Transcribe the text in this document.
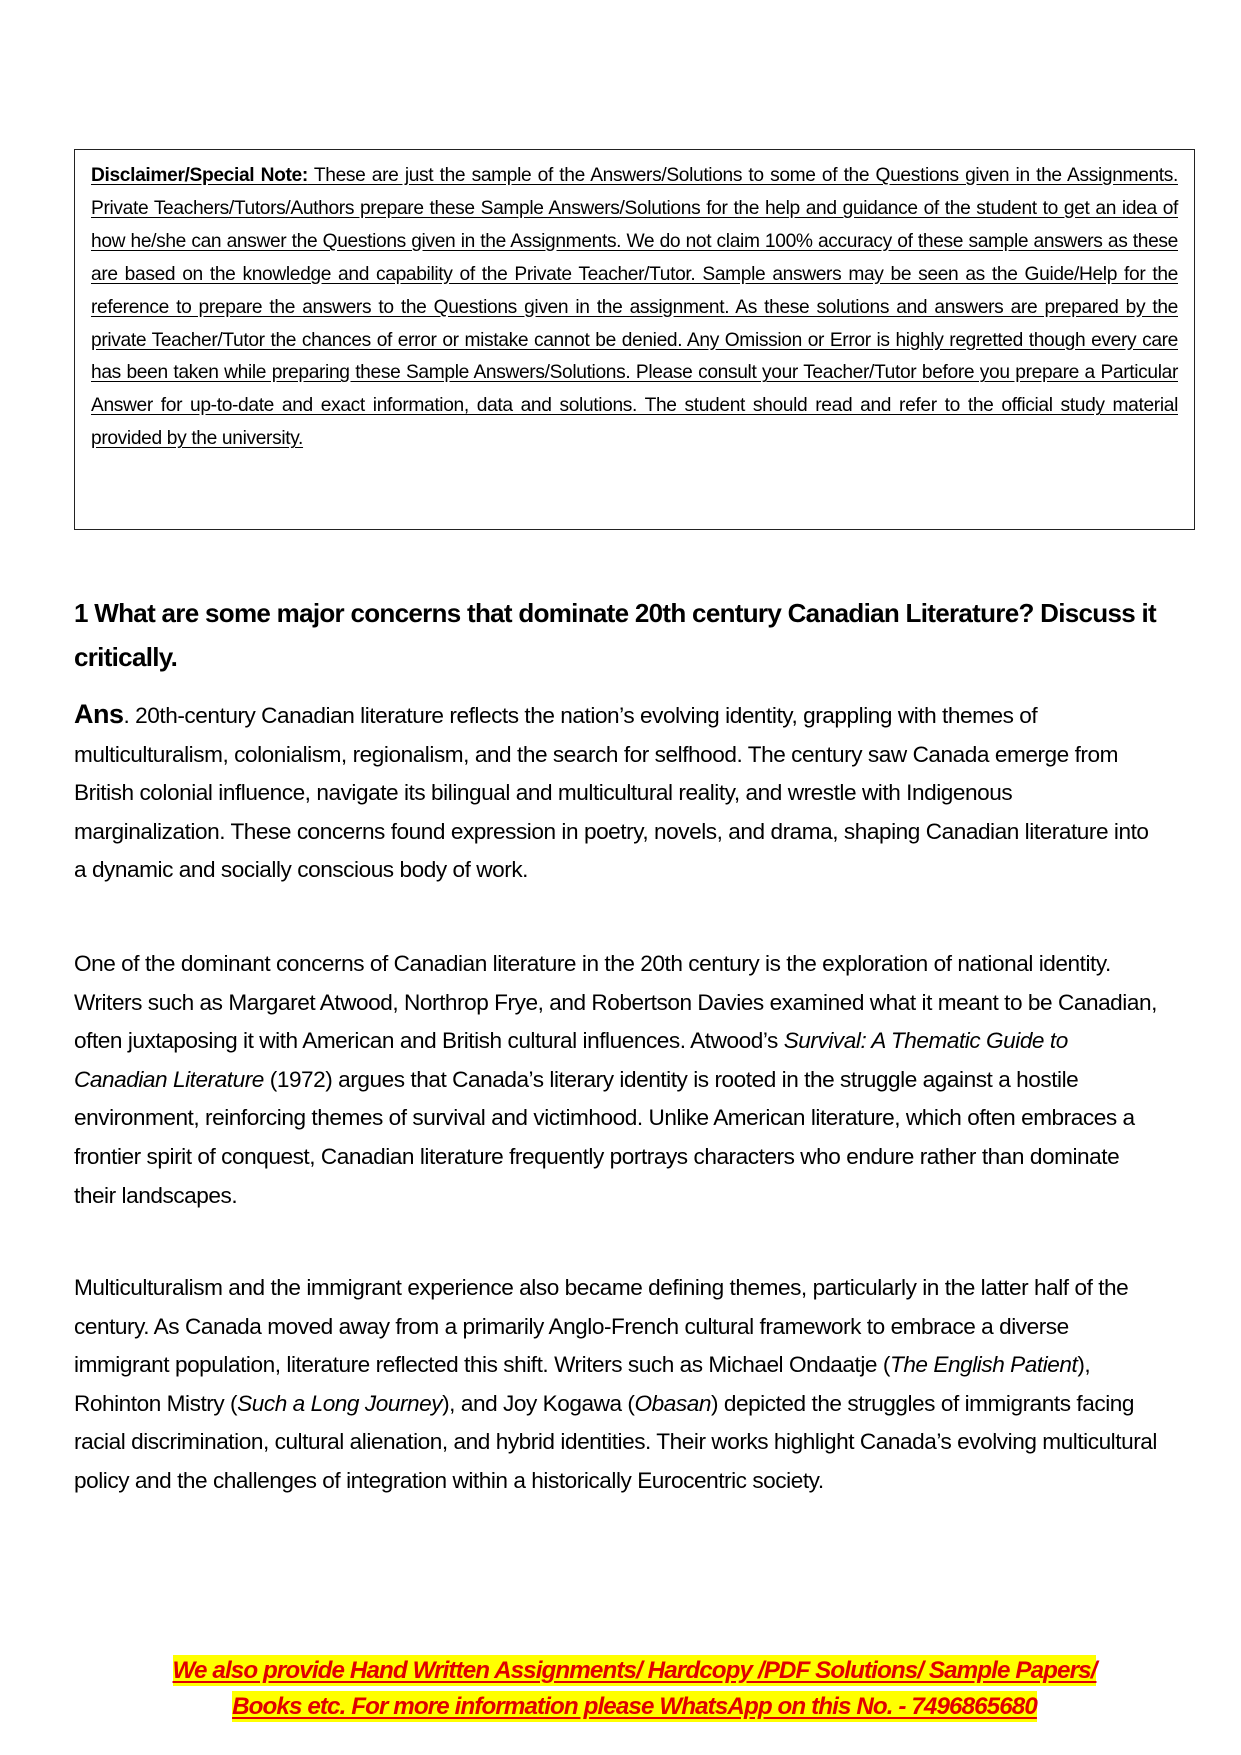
Disclaimer/Special Note: These are just the sample of the Answers/Solutions to some of the Questions given in the Assignments. Private Teachers/Tutors/Authors prepare these Sample Answers/Solutions for the help and guidance of the student to get an idea of how he/she can answer the Questions given in the Assignments. We do not claim 100% accuracy of these sample answers as these are based on the knowledge and capability of the Private Teacher/Tutor. Sample answers may be seen as the Guide/Help for the reference to prepare the answers to the Questions given in the assignment. As these solutions and answers are prepared by the private Teacher/Tutor the chances of error or mistake cannot be denied. Any Omission or Error is highly regretted though every care has been taken while preparing these Sample Answers/Solutions. Please consult your Teacher/Tutor before you prepare a Particular Answer for up-to-date and exact information, data and solutions. The student should read and refer to the official study material provided by the university.
1 What are some major concerns that dominate 20th century Canadian Literature? Discuss it critically.
Ans. 20th-century Canadian literature reflects the nation’s evolving identity, grappling with themes of multiculturalism, colonialism, regionalism, and the search for selfhood. The century saw Canada emerge from British colonial influence, navigate its bilingual and multicultural reality, and wrestle with Indigenous marginalization. These concerns found expression in poetry, novels, and drama, shaping Canadian literature into a dynamic and socially conscious body of work.
One of the dominant concerns of Canadian literature in the 20th century is the exploration of national identity. Writers such as Margaret Atwood, Northrop Frye, and Robertson Davies examined what it meant to be Canadian, often juxtaposing it with American and British cultural influences. Atwood’s Survival: A Thematic Guide to Canadian Literature (1972) argues that Canada’s literary identity is rooted in the struggle against a hostile environment, reinforcing themes of survival and victimhood. Unlike American literature, which often embraces a frontier spirit of conquest, Canadian literature frequently portrays characters who endure rather than dominate their landscapes.
Multiculturalism and the immigrant experience also became defining themes, particularly in the latter half of the century. As Canada moved away from a primarily Anglo-French cultural framework to embrace a diverse immigrant population, literature reflected this shift. Writers such as Michael Ondaatje (The English Patient), Rohinton Mistry (Such a Long Journey), and Joy Kogawa (Obasan) depicted the struggles of immigrants facing racial discrimination, cultural alienation, and hybrid identities. Their works highlight Canada’s evolving multicultural policy and the challenges of integration within a historically Eurocentric society.
We also provide Hand Written Assignments/ Hardcopy /PDF Solutions/ Sample Papers/
Books etc. For more information please WhatsApp on this No. - 7496865680
